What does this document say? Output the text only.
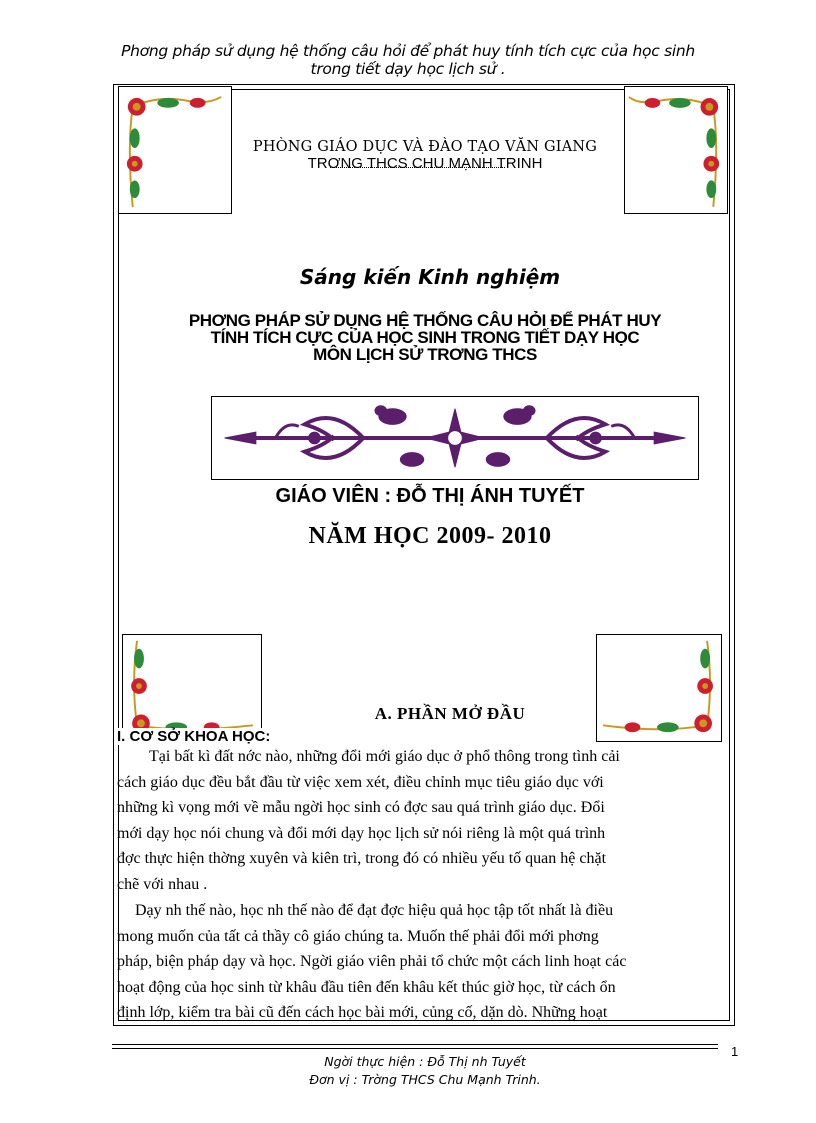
Phơng pháp sử dụng hệ thống câu hỏi để phát huy tính tích cực của học sinh
trong tiết dạy học lịch sử .
PHÒNG GIÁO DỤC VÀ ĐÀO TẠO VĂN GIANG
TRƠNG THCS CHU MẠNH TRINH
Sáng kiến Kinh nghiệm
PHƠNG PHÁP SỬ DỤNG HỆ THỐNG CÂU HỎI ĐỂ PHÁT HUY
TÍNH TÍCH CỰC CỦA HỌC SINH TRONG TIẾT DẠY HỌC
MÔN LỊCH SỬ TRƠNG THCS
GIÁO VIÊN : ĐỖ THỊ ÁNH TUYẾT
NĂM HỌC 2009- 2010
A. PHẦN MỞ ĐẦU
I. CƠ SỞ KHOA HỌC:
Tại bất kì đất nớc nào, những đổi mới giáo dục ở phổ thông trong tình cải
cách giáo dục đều bắt đầu từ việc xem xét, điều chỉnh mục tiêu giáo dục với
những kì vọng mới về mẫu ngời học sinh có đợc sau quá trình giáo dục. Đổi
mới dạy học nói chung và đổi mới dạy học lịch sử nói riêng là một quá trình
đợc thực hiện thờng xuyên và kiên trì, trong đó có nhiều yếu tố quan hệ chặt
chẽ với nhau .
Dạy nh thế nào, học nh thế nào để đạt đợc hiệu quả học tập tốt nhất là điều
mong muốn của tất cả thầy cô giáo chúng ta. Muốn thế phải đổi mới phơng
pháp, biện pháp dạy và học. Ngời giáo viên phải tổ chức một cách linh hoạt các
hoạt động của học sinh từ khâu đầu tiên đến khâu kết thúc giờ học, từ cách ổn
định lớp, kiểm tra bài cũ đến cách học bài mới, củng cố, dặn dò. Những hoạt
1
Ngời thực hiện : Đỗ Thị nh Tuyết
Đơn vị : Trờng THCS Chu Mạnh Trinh.
